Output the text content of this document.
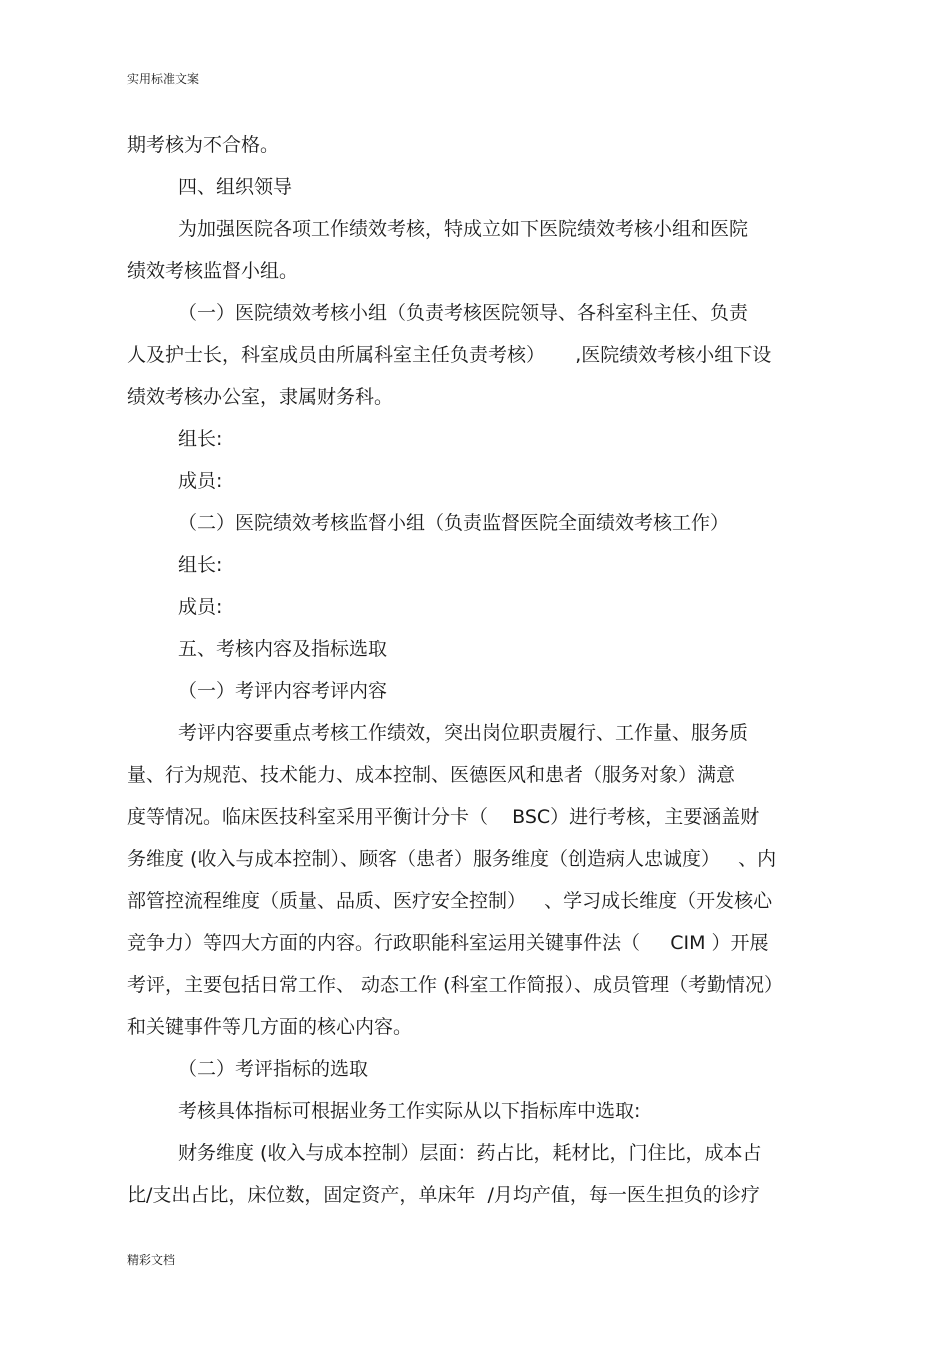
实用标准文案
期考核为不合格。
四、组织领导
为加强医院各项工作绩效考核，特成立如下医院绩效考核小组和医院
绩效考核监督小组。
（一）医院绩效考核小组（负责考核医院领导、各科室科主任、负责
人及护士长，科室成员由所属科室主任负责考核）     ,医院绩效考核小组下设
绩效考核办公室，隶属财务科。
组长:
成员:
（二）医院绩效考核监督小组（负责监督医院全面绩效考核工作）
组长:
成员:
五、考核内容及指标选取
（一）考评内容考评内容
考评内容要重点考核工作绩效，突出岗位职责履行、工作量、服务质
量、行为规范、技术能力、成本控制、医德医风和患者（服务对象）满意
度等情况。临床医技科室采用平衡计分卡（    BSC）进行考核，主要涵盖财
务维度 (收入与成本控制）、顾客（患者）服务维度（创造病人忠诚度）   、内
部管控流程维度（质量、品质、医疗安全控制）   、学习成长维度（开发核心
竞争力）等四大方面的内容。行政职能科室运用关键事件法（     CIM ）开展
考评，主要包括日常工作、 动态工作 (科室工作简报）、成员管理（考勤情况）
和关键事件等几方面的核心内容。
（二）考评指标的选取
考核具体指标可根据业务工作实际从以下指标库中选取:
财务维度 (收入与成本控制）层面：药占比，耗材比，门住比，成本占
比/支出占比，床位数，固定资产，单床年  /月均产值，每一医生担负的诊疗
精彩文档
